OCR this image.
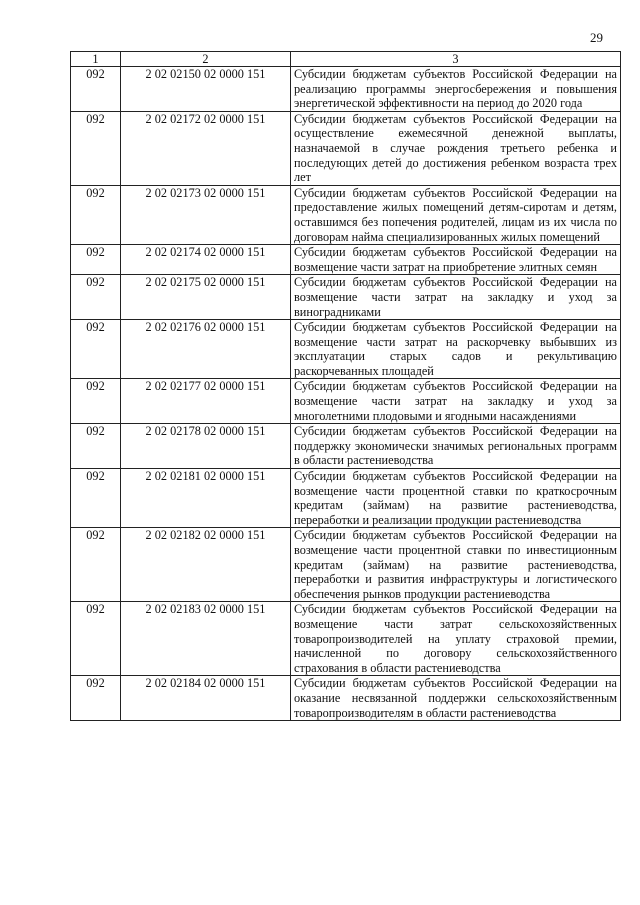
29
1	2	3
092	2 02 02150 02 0000 151	Субсидии бюджетам субъектов Российской Федерации на реализацию программы энергосбережения и повышения энергетической эффективности на период до 2020 года
092	2 02 02172 02 0000 151	Субсидии бюджетам субъектов Российской Федерации на осуществление ежемесячной денежной выплаты, назначаемой в случае рождения третьего ребенка и последующих детей до достижения ребенком возраста трех лет
092	2 02 02173 02 0000 151	Субсидии бюджетам субъектов Российской Федерации на предоставление жилых помещений детям-сиротам и детям, оставшимся без попечения родителей, лицам из их числа по договорам найма специализированных жилых помещений
092	2 02 02174 02 0000 151	Субсидии бюджетам субъектов Российской Федерации на возмещение части затрат на приобретение элитных семян
092	2 02 02175 02 0000 151	Субсидии бюджетам субъектов Российской Федерации на возмещение части затрат на закладку и уход за виноградниками
092	2 02 02176 02 0000 151	Субсидии бюджетам субъектов Российской Федерации на возмещение части затрат на раскорчевку выбывших из эксплуатации старых садов и рекультивацию раскорчеванных площадей
092	2 02 02177 02 0000 151	Субсидии бюджетам субъектов Российской Федерации на возмещение части затрат на закладку и уход за многолетними плодовыми и ягодными насаждениями
092	2 02 02178 02 0000 151	Субсидии бюджетам субъектов Российской Федерации на поддержку экономически значимых региональных программ в области растениеводства
092	2 02 02181 02 0000 151	Субсидии бюджетам субъектов Российской Федерации на возмещение части процентной ставки по краткосрочным кредитам (займам) на развитие растениеводства, переработки и реализации продукции растениеводства
092	2 02 02182 02 0000 151	Субсидии бюджетам субъектов Российской Федерации на возмещение части процентной ставки по инвестиционным кредитам (займам) на развитие растениеводства, переработки и развития инфраструктуры и логистического обеспечения рынков продукции растениеводства
092	2 02 02183 02 0000 151	Субсидии бюджетам субъектов Российской Федерации на возмещение части затрат сельскохозяйственных товаропроизводителей на уплату страховой премии, начисленной по договору сельскохозяйственного страхования в области растениеводства
092	2 02 02184 02 0000 151	Субсидии бюджетам субъектов Российской Федерации на оказание несвязанной поддержки сельскохозяйственным товаропроизводителям в области растениеводства
